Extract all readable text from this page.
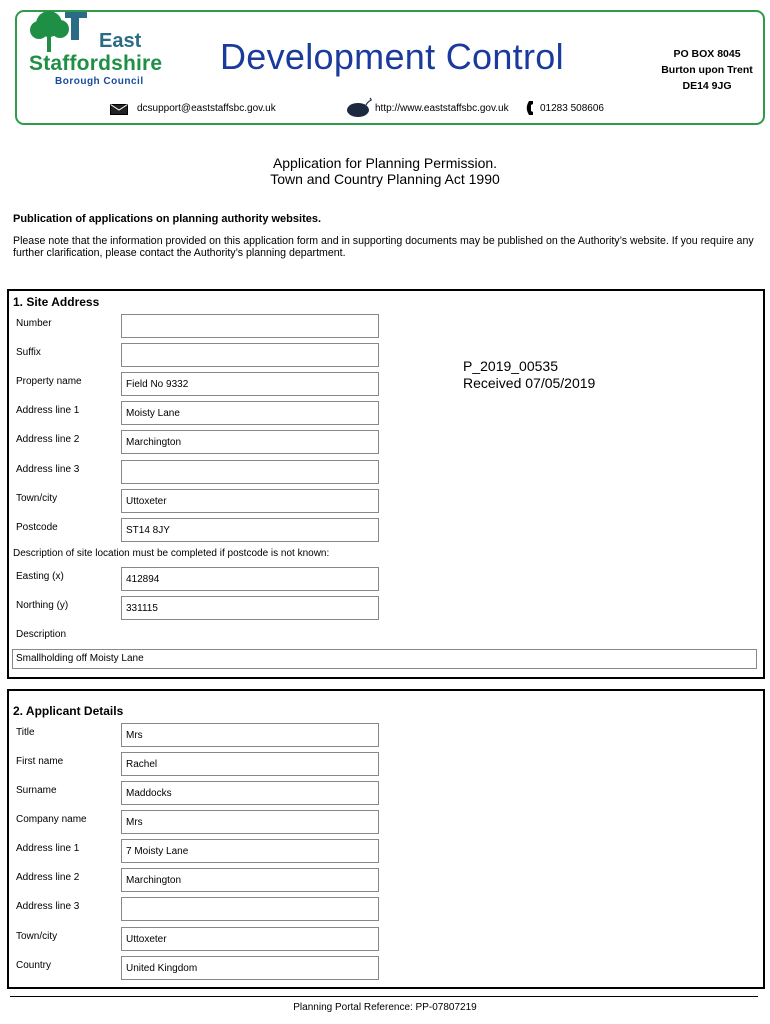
East
Staffordshire
Borough Council
Development Control	PO BOX 8045
Burton upon Trent
DE14 9JG
dcsupport@eaststaffsbc.gov.uk	http://www.eaststaffsbc.gov.uk	01283 508606
Application for Planning Permission.
Town and Country Planning Act 1990
Publication of applications on planning authority websites.
Please note that the information provided on this application form and in supporting documents may be published on the Authority’s website. If you require any further clarification, please contact the Authority’s planning department.
1. Site Address
Number
Suffix
Property name	Field No 9332
Address line 1	Moisty Lane
Address line 2	Marchington
Address line 3
Town/city	Uttoxeter
Postcode	ST14 8JY
Description of site location must be completed if postcode is not known:
Easting (x)	412894
Northing (y)	331115
Description
Smallholding off Moisty Lane
P_2019_00535
Received 07/05/2019
2. Applicant Details
Title	Mrs
First name	Rachel
Surname	Maddocks
Company name	Mrs
Address line 1	7 Moisty Lane
Address line 2	Marchington
Address line 3
Town/city	Uttoxeter
Country	United Kingdom
Planning Portal Reference: PP-07807219
